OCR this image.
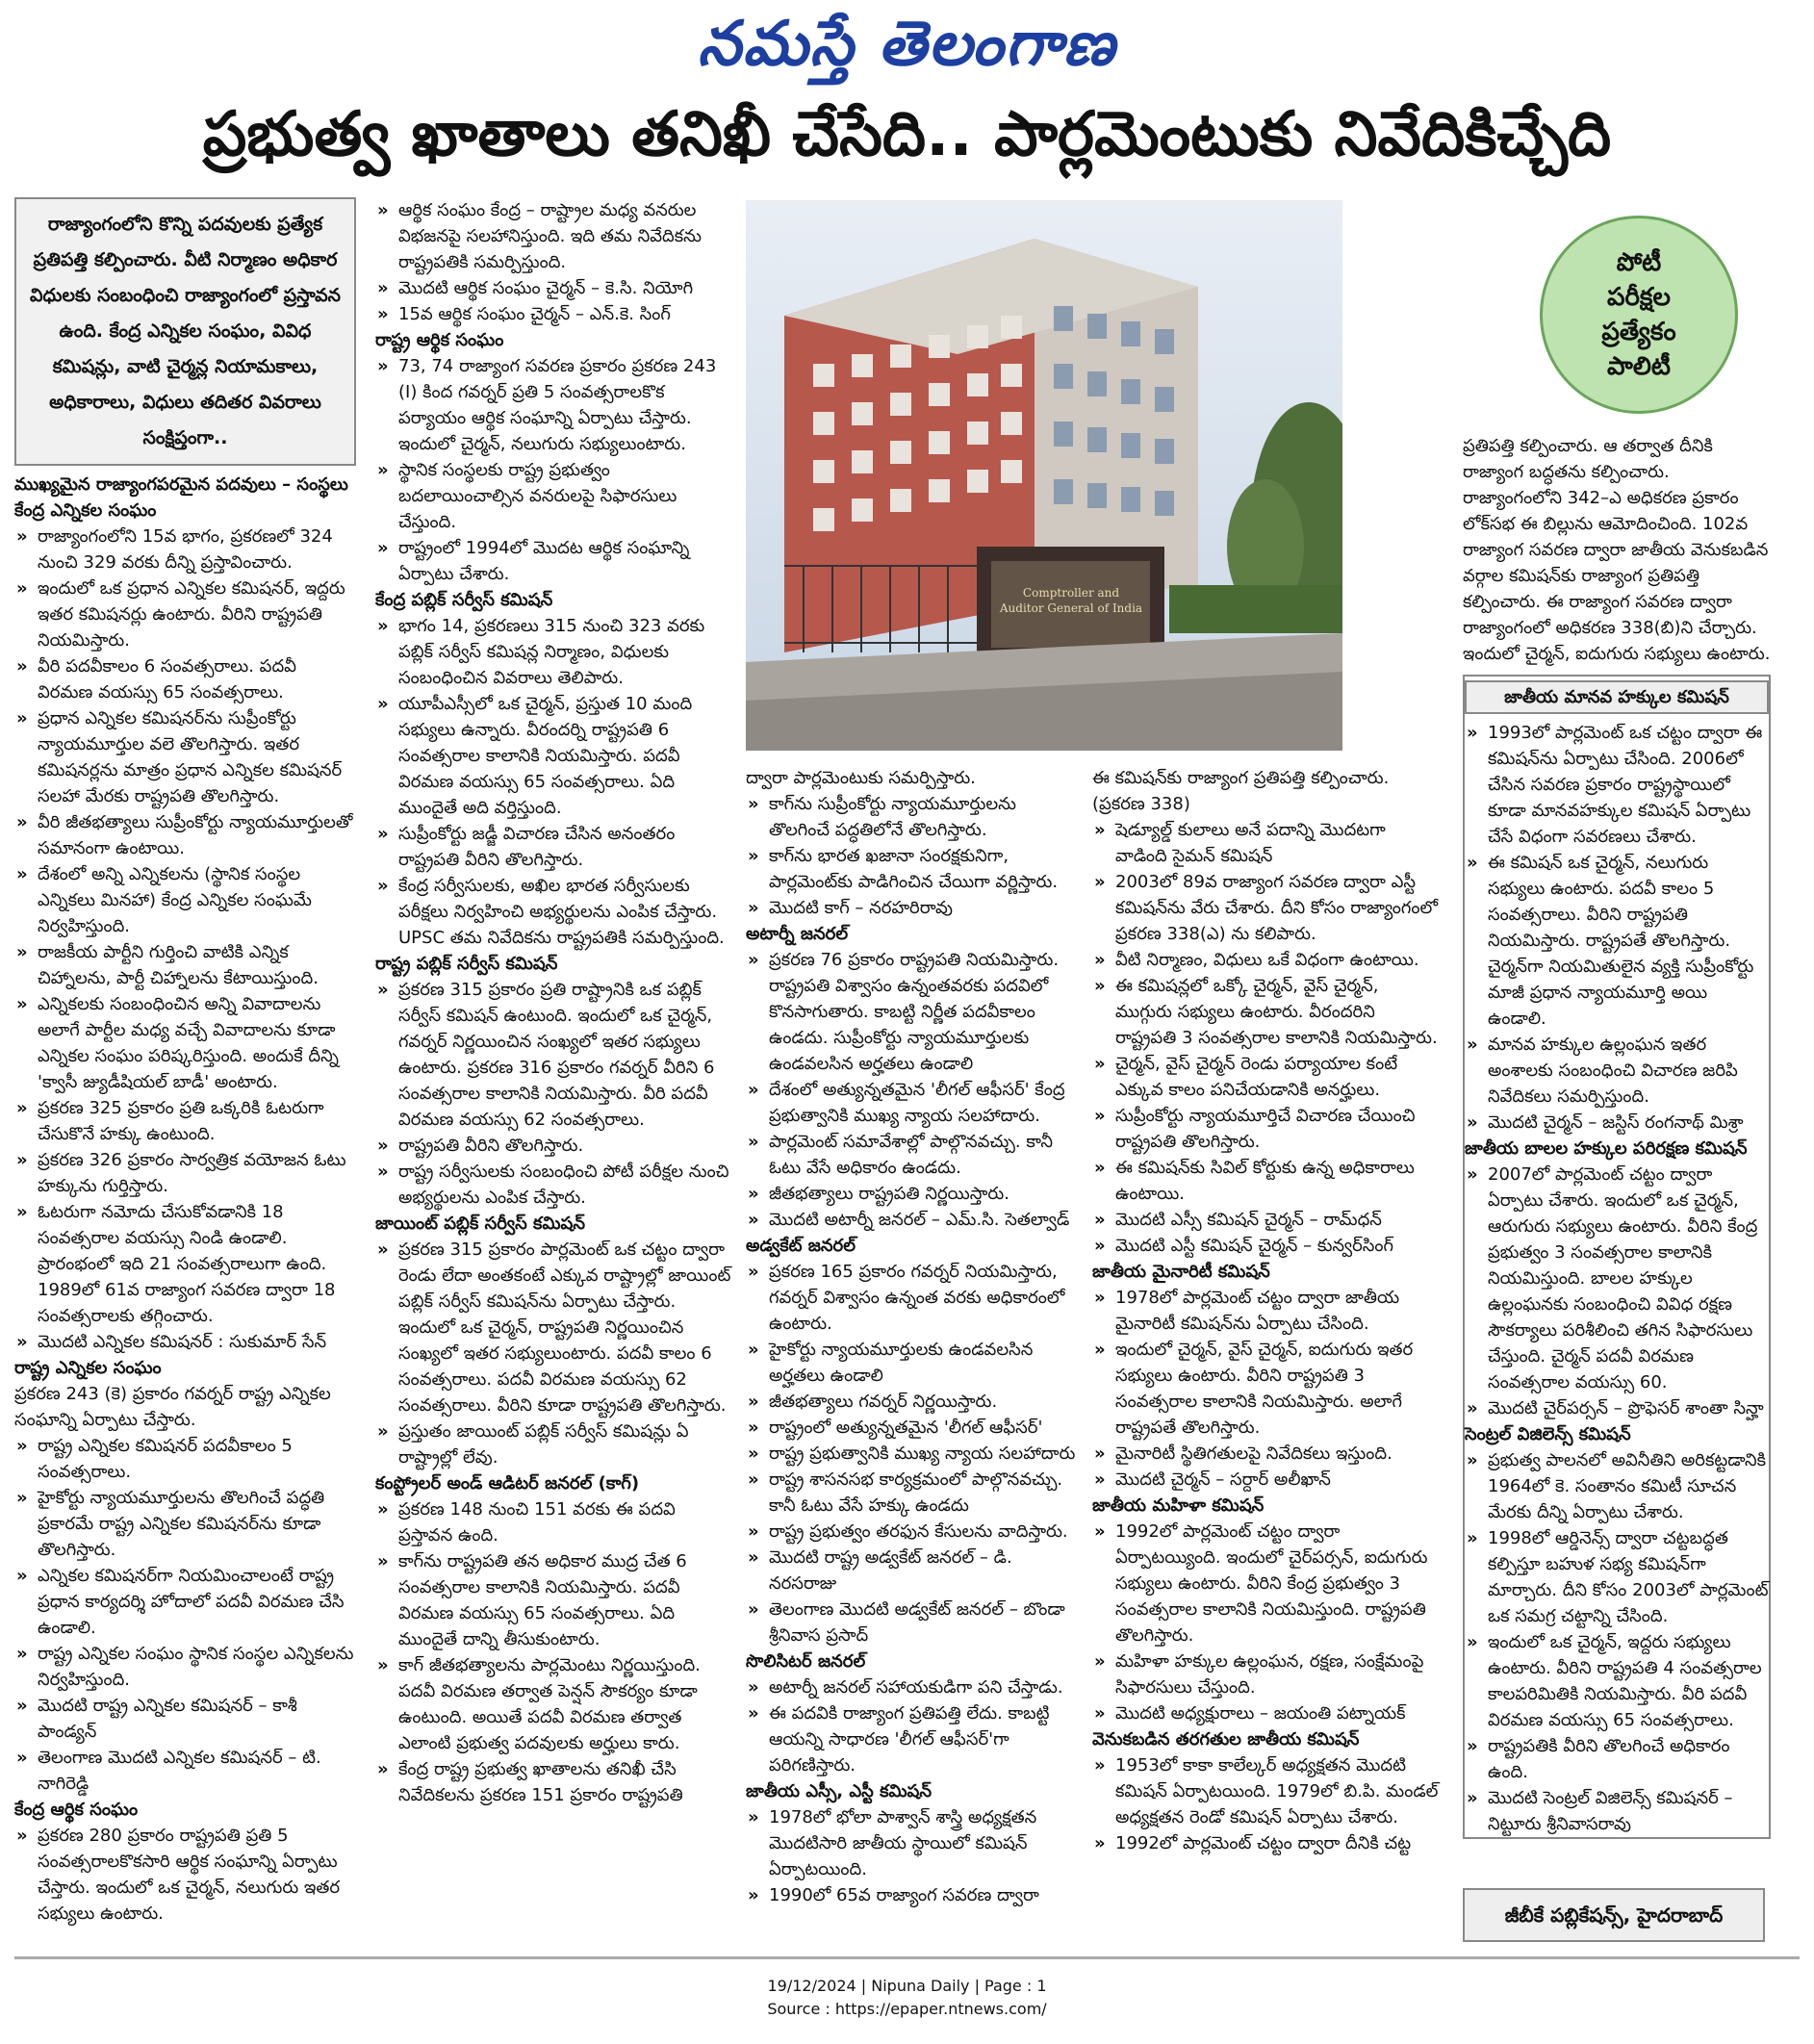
నమస్తే తెలంగాణ
ప్రభుత్వ ఖాతాలు తనిఖీ చేసేది.. పార్లమెంటుకు నివేదికిచ్చేది
రాజ్యాంగంలోని కొన్ని పదవులకు ప్రత్యేక ప్రతిపత్తి కల్పించారు. వీటి నిర్మాణం అధికార విధులకు సంబంధించి రాజ్యాంగంలో ప్రస్తావన ఉంది. కేంద్ర ఎన్నికల సంఘం, వివిధ కమిషన్లు, వాటి చైర్మన్ల నియామకాలు, అధికారాలు, విధులు తదితర వివరాలు సంక్షిప్తంగా..

ముఖ్యమైన రాజ్యాంగపరమైన పదవులు – సంస్థలు కేంద్ర ఎన్నికల సంఘం

» రాజ్యాంగంలోని 15వ భాగం, ప్రకరణలో 324 నుంచి 329 వరకు దీన్ని ప్రస్తావించారు.

» ఇందులో ఒక ప్రధాన ఎన్నికల కమిషనర్, ఇద్దరు ఇతర కమిషనర్లు ఉంటారు. వీరిని రాష్ట్రపతి నియమిస్తారు.

» వీరి పదవీకాలం 6 సంవత్సరాలు. పదవీ విరమణ వయస్సు 65 సంవత్సరాలు.

» ప్రధాన ఎన్నికల కమిషనర్‌ను సుప్రీంకోర్టు న్యాయమూర్తుల వలె తొలగిస్తారు. ఇతర కమిషనర్లను మాత్రం ప్రధాన ఎన్నికల కమిషనర్ సలహా మేరకు రాష్ట్రపతి తొలగిస్తారు.

» వీరి జీతభత్యాలు సుప్రీంకోర్టు న్యాయమూర్తులతో సమానంగా ఉంటాయి.

» దేశంలో అన్ని ఎన్నికలను (స్థానిక సంస్థల ఎన్నికలు మినహా) కేంద్ర ఎన్నికల సంఘమే నిర్వహిస్తుంది.

» రాజకీయ పార్టీని గుర్తించి వాటికి ఎన్నిక చిహ్నాలను, పార్టీ చిహ్నాలను కేటాయిస్తుంది.

» ఎన్నికలకు సంబంధించిన అన్ని వివాదాలను అలాగే పార్టీల మధ్య వచ్చే వివాదాలను కూడా ఎన్నికల సంఘం పరిష్కరిస్తుంది. అందుకే దీన్ని 'క్వాసీ జ్యుడీషియల్ బాడీ' అంటారు.

» ప్రకరణ 325 ప్రకారం ప్రతి ఒక్కరికి ఓటరుగా చేసుకొనే హక్కు ఉంటుంది.

» ప్రకరణ 326 ప్రకారం సార్వత్రిక వయోజన ఓటు హక్కును గుర్తిస్తారు.

» ఓటరుగా నమోదు చేసుకోవడానికి 18 సంవత్సరాల వయస్సు నిండి ఉండాలి. ప్రారంభంలో ఇది 21 సంవత్సరాలుగా ఉంది. 1989లో 61వ రాజ్యాంగ సవరణ ద్వారా 18 సంవత్సరాలకు తగ్గించారు.

» మొదటి ఎన్నికల కమిషనర్ : సుకుమార్ సేన్

రాష్ట్ర ఎన్నికల సంఘం

ప్రకరణ 243 (కె) ప్రకారం గవర్నర్ రాష్ట్ర ఎన్నికల సంఘాన్ని ఏర్పాటు చేస్తారు.

» రాష్ట్ర ఎన్నికల కమిషనర్ పదవీకాలం 5 సంవత్సరాలు.

» హైకోర్టు న్యాయమూర్తులను తొలగించే పద్ధతి ప్రకారమే రాష్ట్ర ఎన్నికల కమిషనర్‌ను కూడా తొలగిస్తారు.

» ఎన్నికల కమిషనర్‌గా నియమించాలంటే రాష్ట్ర ప్రధాన కార్యదర్శి హోదాలో పదవీ విరమణ చేసి ఉండాలి.

» రాష్ట్ర ఎన్నికల సంఘం స్థానిక సంస్థల ఎన్నికలను నిర్వహిస్తుంది.

» మొదటి రాష్ట్ర ఎన్నికల కమిషనర్ – కాశీ పాండ్యన్

» తెలంగాణ మొదటి ఎన్నికల కమిషనర్ – టి. నాగిరెడ్డి

కేంద్ర ఆర్థిక సంఘం

» ప్రకరణ 280 ప్రకారం రాష్ట్రపతి ప్రతి 5 సంవత్సరాలకొకసారి ఆర్థిక సంఘాన్ని ఏర్పాటు చేస్తారు. ఇందులో ఒక చైర్మన్, నలుగురు ఇతర సభ్యులు ఉంటారు.

» ఆర్థిక సంఘం కేంద్ర – రాష్ట్రాల మధ్య వనరుల విభజనపై సలహానిస్తుంది. ఇది తమ నివేదికను రాష్ట్రపతికి సమర్పిస్తుంది.

» మొదటి ఆర్థిక సంఘం చైర్మన్ – కె.సి. నియోగి

» 15వ ఆర్థిక సంఘం చైర్మన్ – ఎన్.కె. సింగ్

రాష్ట్ర ఆర్థిక సంఘం

» 73, 74 రాజ్యాంగ సవరణ ప్రకారం ప్రకరణ 243 (I) కింద గవర్నర్ ప్రతి 5 సంవత్సరాలకొక పర్యాయం ఆర్థిక సంఘాన్ని ఏర్పాటు చేస్తారు. ఇందులో చైర్మన్, నలుగురు సభ్యులుంటారు.

» స్థానిక సంస్థలకు రాష్ట్ర ప్రభుత్వం బదలాయించాల్సిన వనరులపై సిఫారసులు చేస్తుంది.

» రాష్ట్రంలో 1994లో మొదట ఆర్థిక సంఘాన్ని ఏర్పాటు చేశారు.

కేంద్ర పబ్లిక్ సర్వీస్ కమిషన్

» భాగం 14, ప్రకరణలు 315 నుంచి 323 వరకు పబ్లిక్ సర్వీస్ కమిషన్ల నిర్మాణం, విధులకు సంబంధించిన వివరాలు తెలిపారు.

» యూపీఎస్సీలో ఒక చైర్మన్, ప్రస్తుత 10 మంది సభ్యులు ఉన్నారు. వీరందర్ని రాష్ట్రపతి 6 సంవత్సరాల కాలానికి నియమిస్తారు. పదవీ విరమణ వయస్సు 65 సంవత్సరాలు. ఏది ముందైతే అది వర్తిస్తుంది.

» సుప్రీంకోర్టు జడ్జీ విచారణ చేసిన అనంతరం రాష్ట్రపతి వీరిని తొలగిస్తారు.

» కేంద్ర సర్వీసులకు, అఖిల భారత సర్వీసులకు పరీక్షలు నిర్వహించి అభ్యర్థులను ఎంపిక చేస్తారు. UPSC తమ నివేదికను రాష్ట్రపతికి సమర్పిస్తుంది.

రాష్ట్ర పబ్లిక్ సర్వీస్ కమిషన్

» ప్రకరణ 315 ప్రకారం ప్రతి రాష్ట్రానికి ఒక పబ్లిక్ సర్వీస్ కమిషన్ ఉంటుంది. ఇందులో ఒక చైర్మన్, గవర్నర్ నిర్ణయించిన సంఖ్యలో ఇతర సభ్యులు ఉంటారు. ప్రకరణ 316 ప్రకారం గవర్నర్ వీరిని 6 సంవత్సరాల కాలానికి నియమిస్తారు. వీరి పదవీ విరమణ వయస్సు 62 సంవత్సరాలు.

» రాష్ట్రపతి వీరిని తొలగిస్తారు.

» రాష్ట్ర సర్వీసులకు సంబంధించి పోటీ పరీక్షల నుంచి అభ్యర్థులను ఎంపిక చేస్తారు.

జాయింట్ పబ్లిక్ సర్వీస్ కమిషన్

» ప్రకరణ 315 ప్రకారం పార్లమెంట్ ఒక చట్టం ద్వారా రెండు లేదా అంతకంటే ఎక్కువ రాష్ట్రాల్లో జాయింట్ పబ్లిక్ సర్వీస్ కమిషన్‌ను ఏర్పాటు చేస్తారు. ఇందులో ఒక చైర్మన్, రాష్ట్రపతి నిర్ణయించిన సంఖ్యలో ఇతర సభ్యులుంటారు. పదవీ కాలం 6 సంవత్సరాలు. పదవీ విరమణ వయస్సు 62 సంవత్సరాలు. వీరిని కూడా రాష్ట్రపతి తొలగిస్తారు.

» ప్రస్తుతం జాయింట్ పబ్లిక్ సర్వీస్ కమిషన్లు ఏ రాష్ట్రాల్లో లేవు.

కంప్ట్రోలర్ అండ్ ఆడిటర్ జనరల్ (కాగ్)

» ప్రకరణ 148 నుంచి 151 వరకు ఈ పదవి ప్రస్తావన ఉంది.

» కాగ్‌ను రాష్ట్రపతి తన అధికార ముద్ర చేత 6 సంవత్సరాల కాలానికి నియమిస్తారు. పదవీ విరమణ వయస్సు 65 సంవత్సరాలు. ఏది ముందైతే దాన్ని తీసుకుంటారు.

» కాగ్ జీతభత్యాలను పార్లమెంటు నిర్ణయిస్తుంది. పదవీ విరమణ తర్వాత పెన్షన్ సౌకర్యం కూడా ఉంటుంది. అయితే పదవీ విరమణ తర్వాత ఎలాంటి ప్రభుత్వ పదవులకు అర్హులు కారు.

» కేంద్ర రాష్ట్ర ప్రభుత్వ ఖాతాలను తనిఖీ చేసి నివేదికలను ప్రకరణ 151 ప్రకారం రాష్ట్రపతి

Comptroller and
Auditor General of India
పోటీ
పరీక్షల
ప్రత్యేకం
పాలిటీ

ద్వారా పార్లమెంటుకు సమర్పిస్తారు.

» కాగ్‌ను సుప్రీంకోర్టు న్యాయమూర్తులను తొలగించే పద్ధతిలోనే తొలగిస్తారు.

» కాగ్‌ను భారత ఖజానా సంరక్షకునిగా, పార్లమెంట్‌కు పాడిగించిన చేయిగా వర్ణిస్తారు.

» మొదటి కాగ్ – నరహరిరావు

అటార్నీ జనరల్

» ప్రకరణ 76 ప్రకారం రాష్ట్రపతి నియమిస్తారు. రాష్ట్రపతి విశ్వాసం ఉన్నంతవరకు పదవిలో కొనసాగుతారు. కాబట్టి నిర్ణీత పదవీకాలం ఉండదు. సుప్రీంకోర్టు న్యాయమూర్తులకు ఉండవలసిన అర్హతలు ఉండాలి

» దేశంలో అత్యున్నతమైన 'లీగల్ ఆఫీసర్' కేంద్ర ప్రభుత్వానికి ముఖ్య న్యాయ సలహాదారు.

» పార్లమెంట్ సమావేశాల్లో పాల్గొనవచ్చు. కానీ ఓటు వేసే అధికారం ఉండదు.

» జీతభత్యాలు రాష్ట్రపతి నిర్ణయిస్తారు.

» మొదటి అటార్నీ జనరల్ – ఎమ్.సి. సెతల్వాడ్

అడ్వకేట్ జనరల్

» ప్రకరణ 165 ప్రకారం గవర్నర్ నియమిస్తారు, గవర్నర్ విశ్వాసం ఉన్నంత వరకు అధికారంలో ఉంటారు.

» హైకోర్టు న్యాయమూర్తులకు ఉండవలసిన అర్హతలు ఉండాలి

» జీతభత్యాలు గవర్నర్ నిర్ణయిస్తారు.

» రాష్ట్రంలో అత్యున్నతమైన 'లీగల్ ఆఫీసర్'

» రాష్ట్ర ప్రభుత్వానికి ముఖ్య న్యాయ సలహాదారు

» రాష్ట్ర శాసనసభ కార్యక్రమంలో పాల్గొనవచ్చు. కానీ ఓటు వేసే హక్కు ఉండదు

» రాష్ట్ర ప్రభుత్వం తరఫున కేసులను వాదిస్తారు.

» మొదటి రాష్ట్ర అడ్వకేట్ జనరల్ – డి. నరసరాజు

» తెలంగాణ మొదటి అడ్వకేట్ జనరల్ – బొండా శ్రీనివాస ప్రసాద్

సొలిసిటర్ జనరల్

» అటార్నీ జనరల్ సహాయకుడిగా పని చేస్తాడు.

» ఈ పదవికి రాజ్యాంగ ప్రతిపత్తి లేదు. కాబట్టి ఆయన్ని సాధారణ 'లీగల్ ఆఫీసర్'గా పరిగణిస్తారు.

జాతీయ ఎస్సీ, ఎస్టీ కమిషన్

» 1978లో భోలా పాశ్వాన్ శాస్త్రి అధ్యక్షతన మొదటిసారి జాతీయ స్థాయిలో కమిషన్ ఏర్పాటయింది.

» 1990లో 65వ రాజ్యాంగ సవరణ ద్వారా

ఈ కమిషన్‌కు రాజ్యాంగ ప్రతిపత్తి కల్పించారు. (ప్రకరణ 338)

» షెడ్యూల్డ్ కులాలు అనే పదాన్ని మొదటగా వాడింది సైమన్ కమిషన్

» 2003లో 89వ రాజ్యాంగ సవరణ ద్వారా ఎస్టీ కమిషన్‌ను వేరు చేశారు. దీని కోసం రాజ్యాంగంలో ప్రకరణ 338(ఎ) ను కలిపారు.

» వీటి నిర్మాణం, విధులు ఒకే విధంగా ఉంటాయి.

» ఈ కమిషన్లలో ఒక్కో చైర్మన్, వైస్ చైర్మన్, ముగ్గురు సభ్యులు ఉంటారు. వీరందరిని రాష్ట్రపతి 3 సంవత్సరాల కాలానికి నియమిస్తారు.

» చైర్మన్, వైస్ చైర్మన్ రెండు పర్యాయాల కంటే ఎక్కువ కాలం పనిచేయడానికి అనర్హులు.

» సుప్రీంకోర్టు న్యాయమూర్తిచే విచారణ చేయించి రాష్ట్రపతి తొలగిస్తారు.

» ఈ కమిషన్‌కు సివిల్ కోర్టుకు ఉన్న అధికారాలు ఉంటాయి.

» మొదటి ఎస్సీ కమిషన్ చైర్మన్ – రామ్‌ధన్

» మొదటి ఎస్టీ కమిషన్ చైర్మన్ – కున్వర్‌సింగ్

జాతీయ మైనారిటీ కమిషన్

» 1978లో పార్లమెంట్ చట్టం ద్వారా జాతీయ మైనారిటీ కమిషన్‌ను ఏర్పాటు చేసింది.

» ఇందులో చైర్మన్, వైస్ చైర్మన్, ఐదుగురు ఇతర సభ్యులు ఉంటారు. వీరిని రాష్ట్రపతి 3 సంవత్సరాల కాలానికి నియమిస్తారు. అలాగే రాష్ట్రపతే తొలగిస్తారు.

» మైనారిటీ స్థితిగతులపై నివేదికలు ఇస్తుంది.

» మొదటి చైర్మన్ – సర్దార్ అలీఖాన్

జాతీయ మహిళా కమిషన్

» 1992లో పార్లమెంట్ చట్టం ద్వారా ఏర్పాటయ్యింది. ఇందులో చైర్‌పర్సన్, ఐదుగురు సభ్యులు ఉంటారు. వీరిని కేంద్ర ప్రభుత్వం 3 సంవత్సరాల కాలానికి నియమిస్తుంది. రాష్ట్రపతి తొలగిస్తారు.

» మహిళా హక్కుల ఉల్లంఘన, రక్షణ, సంక్షేమంపై సిఫారసులు చేస్తుంది.

» మొదటి అధ్యక్షురాలు – జయంతి పట్నాయక్

వెనుకబడిన తరగతుల జాతీయ కమిషన్

» 1953లో కాకా కాలేల్కర్ అధ్యక్షతన మొదటి కమిషన్ ఏర్పాటయింది. 1979లో బి.పి. మండల్ అధ్యక్షతన రెండో కమిషన్ ఏర్పాటు చేశారు.

» 1992లో పార్లమెంట్ చట్టం ద్వారా దీనికి చట్ట

ప్రతిపత్తి కల్పించారు. ఆ తర్వాత దీనికి రాజ్యాంగ బద్ధతను కల్పించారు. రాజ్యాంగంలోని 342–ఎ అధికరణ ప్రకారం లోక్‌సభ ఈ బిల్లును ఆమోదించింది. 102వ రాజ్యాంగ సవరణ ద్వారా జాతీయ వెనుకబడిన వర్గాల కమిషన్‌కు రాజ్యాంగ ప్రతిపత్తి కల్పించారు. ఈ రాజ్యాంగ సవరణ ద్వారా రాజ్యాంగంలో అధికరణ 338(బి)ని చేర్చారు. ఇందులో చైర్మన్, ఐదుగురు సభ్యులు ఉంటారు.

జాతీయ మానవ హక్కుల కమిషన్

» 1993లో పార్లమెంట్ ఒక చట్టం ద్వారా ఈ కమిషన్‌ను ఏర్పాటు చేసింది. 2006లో చేసిన సవరణ ప్రకారం రాష్ట్రస్థాయిలో కూడా మానవహక్కుల కమిషన్ ఏర్పాటు చేసే విధంగా సవరణలు చేశారు.

» ఈ కమిషన్ ఒక చైర్మన్, నలుగురు సభ్యులు ఉంటారు. పదవీ కాలం 5 సంవత్సరాలు. వీరిని రాష్ట్రపతి నియమిస్తారు. రాష్ట్రపతే తొలగిస్తారు. చైర్మన్‌గా నియమితులైన వ్యక్తి సుప్రీంకోర్టు మాజీ ప్రధాన న్యాయమూర్తి అయి ఉండాలి.

» మానవ హక్కుల ఉల్లంఘన ఇతర అంశాలకు సంబంధించి విచారణ జరిపి నివేదికలు సమర్పిస్తుంది.

» మొదటి చైర్మన్ – జస్టిస్ రంగనాథ్ మిశ్రా

జాతీయ బాలల హక్కుల పరిరక్షణ కమిషన్

» 2007లో పార్లమెంట్ చట్టం ద్వారా ఏర్పాటు చేశారు. ఇందులో ఒక చైర్మన్, ఆరుగురు సభ్యులు ఉంటారు. వీరిని కేంద్ర ప్రభుత్వం 3 సంవత్సరాల కాలానికి నియమిస్తుంది. బాలల హక్కుల ఉల్లంఘనకు సంబంధించి వివిధ రక్షణ సౌకర్యాలు పరిశీలించి తగిన సిఫారసులు చేస్తుంది. చైర్మన్ పదవీ విరమణ సంవత్సరాల వయస్సు 60.

» మొదటి చైర్‌పర్సన్ – ప్రొఫెసర్ శాంతా సిన్హా

సెంట్రల్ విజిలెన్స్ కమిషన్

» ప్రభుత్వ పాలనలో అవినీతిని అరికట్టడానికి 1964లో కె. సంతానం కమిటీ సూచన మేరకు దీన్ని ఏర్పాటు చేశారు.

» 1998లో ఆర్డినెన్స్ ద్వారా చట్టబద్ధత కల్పిస్తూ బహుళ సభ్య కమిషన్‌గా మార్చారు. దీని కోసం 2003లో పార్లమెంట్ ఒక సమగ్ర చట్టాన్ని చేసింది.

» ఇందులో ఒక చైర్మన్, ఇద్దరు సభ్యులు ఉంటారు. వీరిని రాష్ట్రపతి 4 సంవత్సరాల కాలపరిమితికి నియమిస్తారు. వీరి పదవీ విరమణ వయస్సు 65 సంవత్సరాలు.

» రాష్ట్రపతికి వీరిని తొలగించే అధికారం ఉంది.

» మొదటి సెంట్రల్ విజిలెన్స్ కమిషనర్ – నిట్టూరు శ్రీనివాసరావు

జీబీకే పబ్లికేషన్స్, హైదరాబాద్
19/12/2024 | Nipuna Daily | Page : 1
Source : https://epaper.ntnews.com/
